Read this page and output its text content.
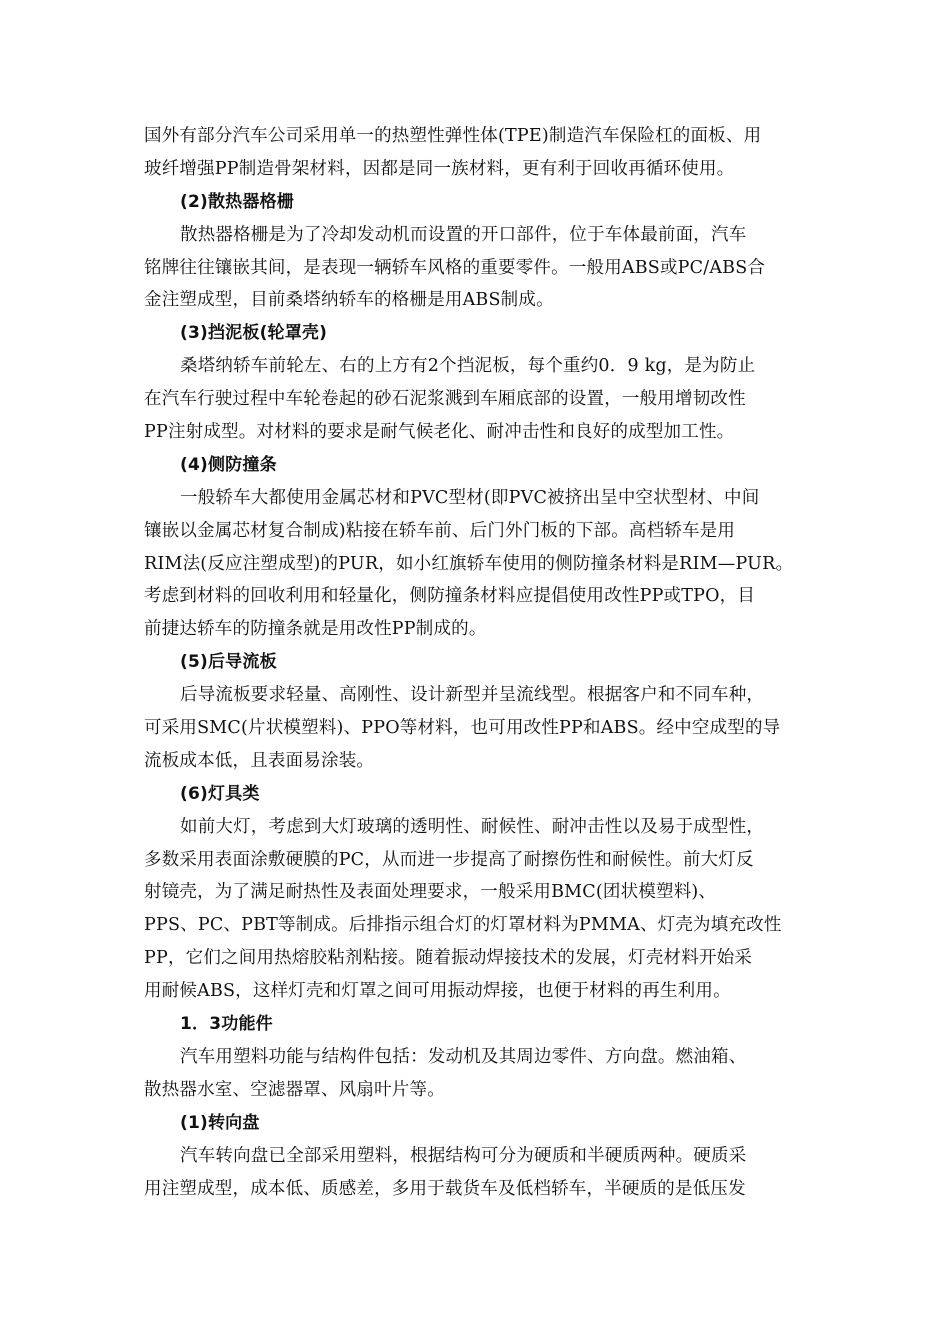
国外有部分汽车公司采用单一的热塑性弹性体(TPE)制造汽车保险杠的面板、用
玻纤增强PP制造骨架材料，因都是同一族材料，更有利于回收再循环使用。
(2)散热器格栅
散热器格栅是为了冷却发动机而设置的开口部件，位于车体最前面，汽车
铭牌往往镶嵌其间，是表现一辆轿车风格的重要零件。一般用ABS或PC/ABS合
金注塑成型，目前桑塔纳轿车的格栅是用ABS制成。
(3)挡泥板(轮罩壳)
桑塔纳轿车前轮左、右的上方有2个挡泥板，每个重约0．9 kg，是为防止
在汽车行驶过程中车轮卷起的砂石泥浆溅到车厢底部的设置，一般用增韧改性
PP注射成型。对材料的要求是耐气候老化、耐冲击性和良好的成型加工性。
(4)侧防撞条
一般轿车大都使用金属芯材和PVC型材(即PVC被挤出呈中空状型材、中间
镶嵌以金属芯材复合制成)粘接在轿车前、后门外门板的下部。高档轿车是用
RIM法(反应注塑成型)的PUR，如小红旗轿车使用的侧防撞条材料是RIM—PUR。
考虑到材料的回收利用和轻量化，侧防撞条材料应提倡使用改性PP或TPO，目
前捷达轿车的防撞条就是用改性PP制成的。
(5)后导流板
后导流板要求轻量、高刚性、设计新型并呈流线型。根据客户和不同车种，
可采用SMC(片状模塑料)、PPO等材料，也可用改性PP和ABS。经中空成型的导
流板成本低，且表面易涂装。
(6)灯具类
如前大灯，考虑到大灯玻璃的透明性、耐候性、耐冲击性以及易于成型性，
多数采用表面涂敷硬膜的PC，从而进一步提高了耐擦伤性和耐候性。前大灯反
射镜壳，为了满足耐热性及表面处理要求，一般采用BMC(团状模塑料)、
PPS、PC、PBT等制成。后排指示组合灯的灯罩材料为PMMA、灯壳为填充改性
PP，它们之间用热熔胶粘剂粘接。随着振动焊接技术的发展，灯壳材料开始采
用耐候ABS，这样灯壳和灯罩之间可用振动焊接，也便于材料的再生利用。
1．3功能件
汽车用塑料功能与结构件包括：发动机及其周边零件、方向盘。燃油箱、
散热器水室、空滤器罩、风扇叶片等。
(1)转向盘
汽车转向盘已全部采用塑料，根据结构可分为硬质和半硬质两种。硬质采
用注塑成型，成本低、质感差，多用于载货车及低档轿车，半硬质的是低压发
